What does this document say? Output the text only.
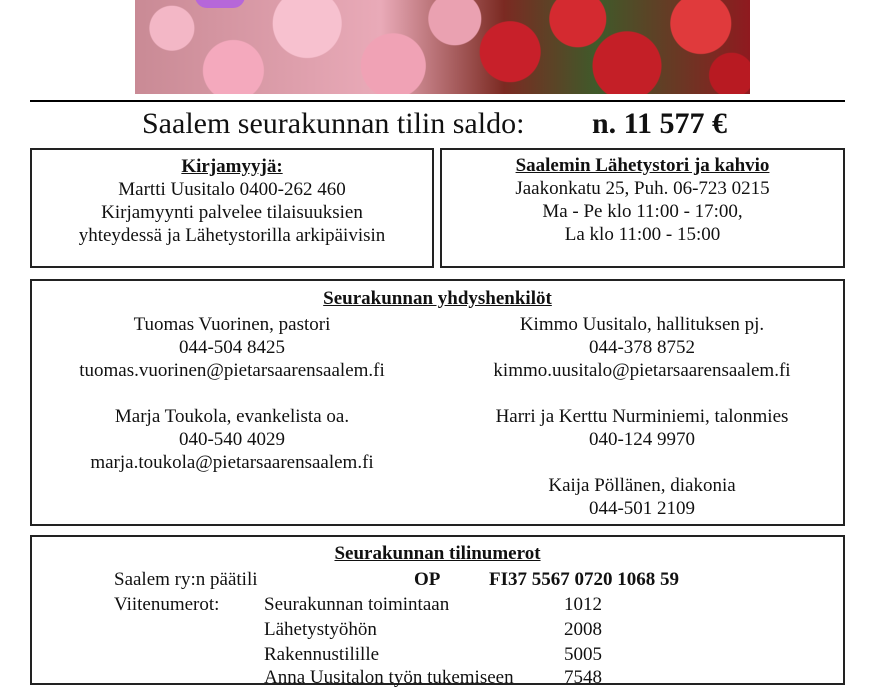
Saalem seurakunnan tilin saldo: n. 11 577 €
Kirjamyyjä:
Martti Uusitalo 0400-262 460
Kirjamyynti palvelee tilaisuuksien
yhteydessä ja Lähetystorilla arkipäivisin
Saalemin Lähetystori ja kahvio
Jaakonkatu 25, Puh. 06-723 0215
Ma - Pe klo 11:00 - 17:00,
La klo 11:00 - 15:00
Seurakunnan yhdyshenkilöt
Tuomas Vuorinen, pastori
044-504 8425
tuomas.vuorinen@pietarsaarensaalem.fi
Marja Toukola, evankelista oa.
040-540 4029
marja.toukola@pietarsaarensaalem.fi
Kimmo Uusitalo, hallituksen pj.
044-378 8752
kimmo.uusitalo@pietarsaarensaalem.fi
Harri ja Kerttu Nurminiemi, talonmies
040-124 9970
Kaija Pöllänen, diakonia
044-501 2109
Seurakunnan tilinumerot
Saalem ry:n päätili	OP	FI37 5567 0720 1068 59
Viitenumerot: Seurakunnan toimintaan	1012
Lähetystyöhön	2008
Rakennustilille	5005
Anna Uusitalon työn tukemiseen	7548
